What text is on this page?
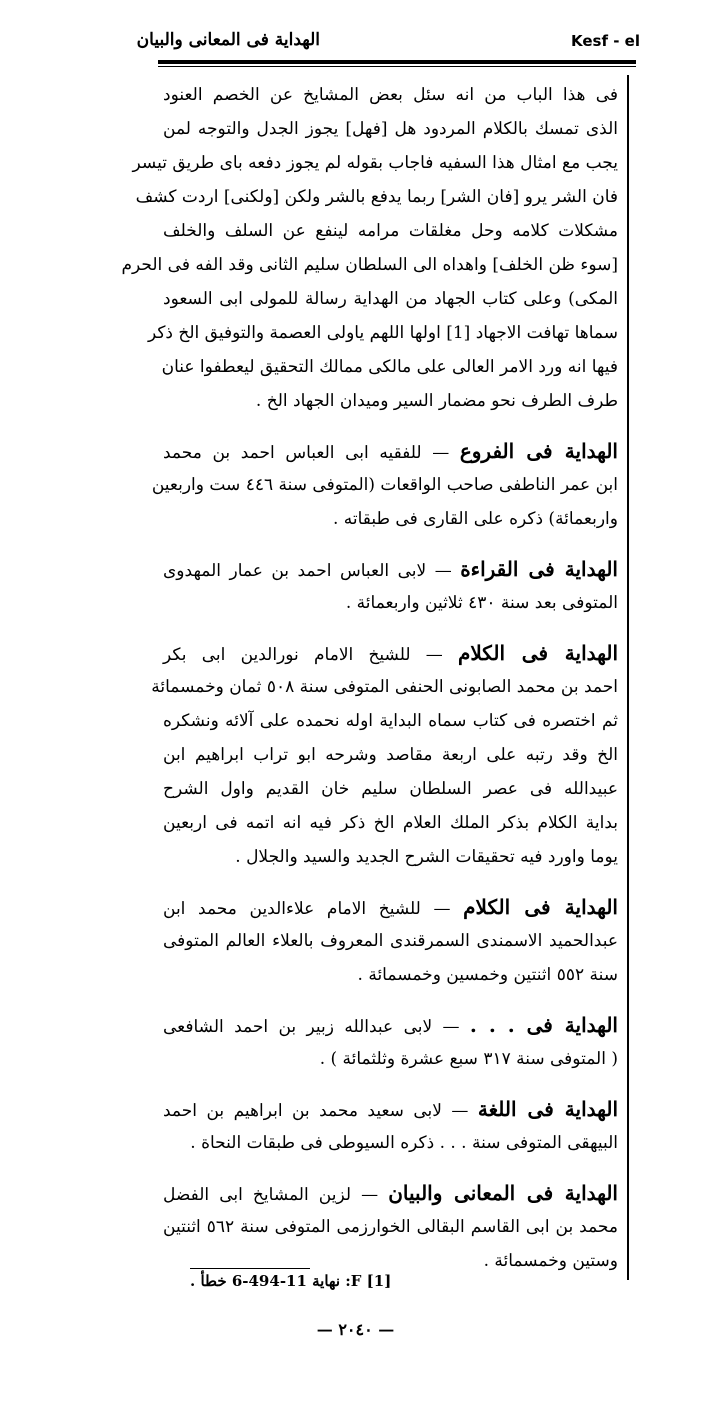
الهداية فى المعانى والبيان	Kesf - el
فى هذا الباب من انه سئل بعض المشايخ عن الخصم العنود
الذى تمسك بالكلام المردود هل [فهل] يجوز الجدل والتوجه لمن
يجب مع امثال هذا السفيه فاجاب بقوله لم يجوز دفعه باى طريق تيسر
فان الشر يرو [فان الشر] ربما يدفع بالشر ولكن [ولكنى] اردت كشف
مشكلات كلامه وحل مغلقات مرامه لينفع عن السلف والخلف
[سوء ظن الخلف] واهداه الى السلطان سليم الثانى وقد الفه فى الحرم
المكى) وعلى كتاب الجهاد من الهداية رسالة للمولى ابى السعود
سماها تهافت الاجهاد [1] اولها اللهم ياولى العصمة والتوفيق الخ ذكر
فيها انه ورد الامر العالى على مالكى ممالك التحقيق ليعطفوا عنان
طرف الطرف نحو مضمار السير وميدان الجهاد الخ .
الهداية فى الفروع — للفقيه ابى العباس احمد بن محمد
ابن عمر الناطفى صاحب الواقعات (المتوفى سنة ٤٤٦ ست واربعين
واربعمائة) ذكره على القارى فى طبقاته .
الهداية فى القراءة — لابى العباس احمد بن عمار المهدوى
المتوفى بعد سنة ٤٣٠ ثلاثين واربعمائة .
الهداية فى الكلام — للشيخ الامام نورالدين ابى بكر
احمد بن محمد الصابونى الحنفى المتوفى سنة ٥٠٨ ثمان وخمسمائة
ثم اختصره فى كتاب سماه البداية اوله نحمده على آلائه ونشكره
الخ وقد رتبه على اربعة مقاصد وشرحه ابو تراب ابراهيم ابن
عبيدالله فى عصر السلطان سليم خان القديم واول الشرح
بداية الكلام بذكر الملك العلام الخ ذكر فيه انه اتمه فى اربعين
يوما واورد فيه تحقيقات الشرح الجديد والسيد والجلال .
الهداية فى الكلام — للشيخ الامام علاءالدين محمد ابن
عبدالحميد الاسمندى السمرقندى المعروف بالعلاء العالم المتوفى
سنة ٥٥٢ اثنتين وخمسين وخمسمائة .
الهداية فى . . . — لابى عبدالله زبير بن احمد الشافعى
( المتوفى سنة ٣١٧ سبع عشرة وثلثمائة ) .
الهداية فى اللغة — لابى سعيد محمد بن ابراهيم بن احمد
البيهقى المتوفى سنة . . . ذكره السيوطى فى طبقات النحاة .
الهداية فى المعانى والبيان — لزين المشايخ ابى الفضل
محمد بن ابى القاسم البقالى الخوارزمى المتوفى سنة ٥٦٢ اثنتين
وستين وخمسمائة .
[1] F: نهاية 11-494-6 خطأ .
— ٢٠٤٠ —
